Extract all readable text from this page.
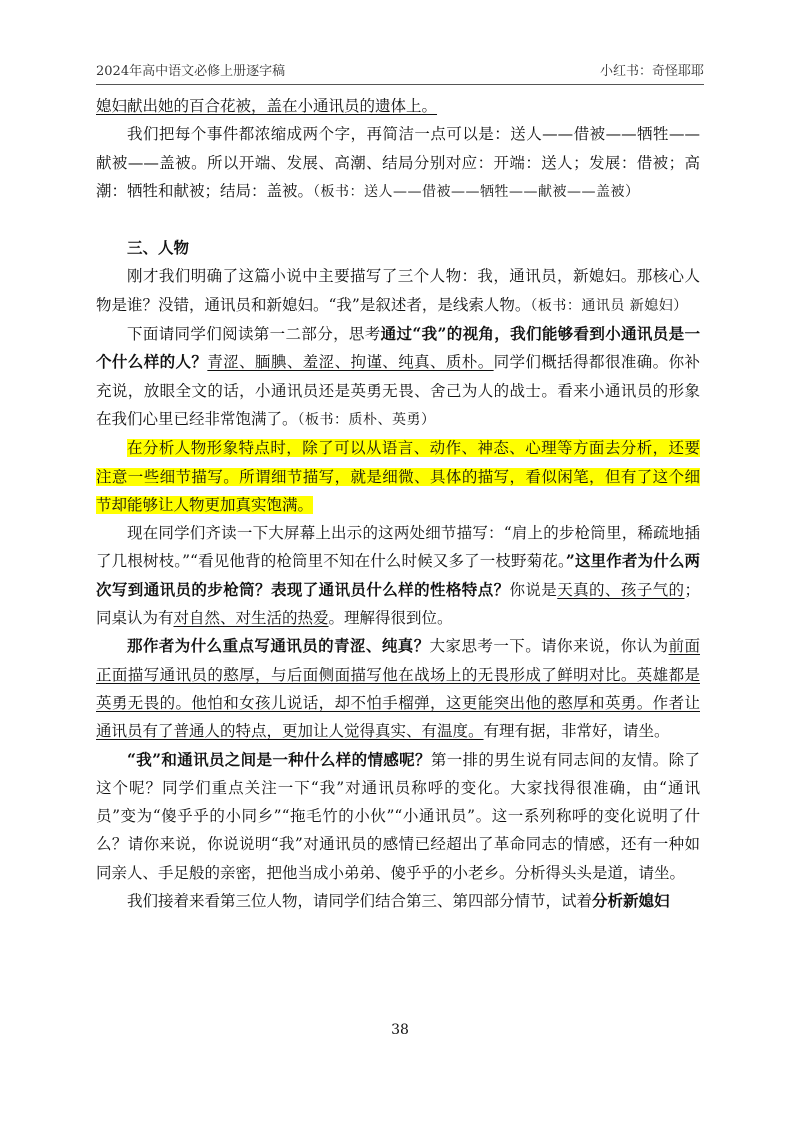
2024年高中语文必修上册逐字稿	小红书：奇怪耶耶

媳妇献出她的百合花被，盖在小通讯员的遗体上。

我们把每个事件都浓缩成两个字，再简洁一点可以是：送人——借被——牺牲——献被——盖被。所以开端、发展、高潮、结局分别对应：开端：送人；发展：借被；高潮：牺牲和献被；结局：盖被。（板书：送人——借被——牺牲——献被——盖被）

三、人物

刚才我们明确了这篇小说中主要描写了三个人物：我，通讯员，新媳妇。那核心人物是谁？没错，通讯员和新媳妇。“我”是叙述者，是线索人物。（板书：通讯员 新媳妇）

下面请同学们阅读第一二部分，思考通过“我”的视角，我们能够看到小通讯员是一个什么样的人？青涩、腼腆、羞涩、拘谨、纯真、质朴。同学们概括得都很准确。你补充说，放眼全文的话，小通讯员还是英勇无畏、舍己为人的战士。看来小通讯员的形象在我们心里已经非常饱满了。（板书：质朴、英勇）

在分析人物形象特点时，除了可以从语言、动作、神态、心理等方面去分析，还要注意一些细节描写。所谓细节描写，就是细微、具体的描写，看似闲笔，但有了这个细节却能够让人物更加真实饱满。

现在同学们齐读一下大屏幕上出示的这两处细节描写：“肩上的步枪筒里，稀疏地插了几根树枝。”“看见他背的枪筒里不知在什么时候又多了一枝野菊花。”这里作者为什么两次写到通讯员的步枪筒？表现了通讯员什么样的性格特点？你说是天真的、孩子气的；同桌认为有对自然、对生活的热爱。理解得很到位。

那作者为什么重点写通讯员的青涩、纯真？大家思考一下。请你来说，你认为前面正面描写通讯员的憨厚，与后面侧面描写他在战场上的无畏形成了鲜明对比。英雄都是英勇无畏的。他怕和女孩儿说话，却不怕手榴弹，这更能突出他的憨厚和英勇。作者让通讯员有了普通人的特点，更加让人觉得真实、有温度。有理有据，非常好，请坐。

“我”和通讯员之间是一种什么样的情感呢？第一排的男生说有同志间的友情。除了这个呢？同学们重点关注一下“我”对通讯员称呼的变化。大家找得很准确，由“通讯员”变为“傻乎乎的小同乡”“拖毛竹的小伙”“小通讯员”。这一系列称呼的变化说明了什么？请你来说，你说说明“我”对通讯员的感情已经超出了革命同志的情感，还有一种如同亲人、手足般的亲密，把他当成小弟弟、傻乎乎的小老乡。分析得头头是道，请坐。

我们接着来看第三位人物，请同学们结合第三、第四部分情节，试着分析新媳妇

38
